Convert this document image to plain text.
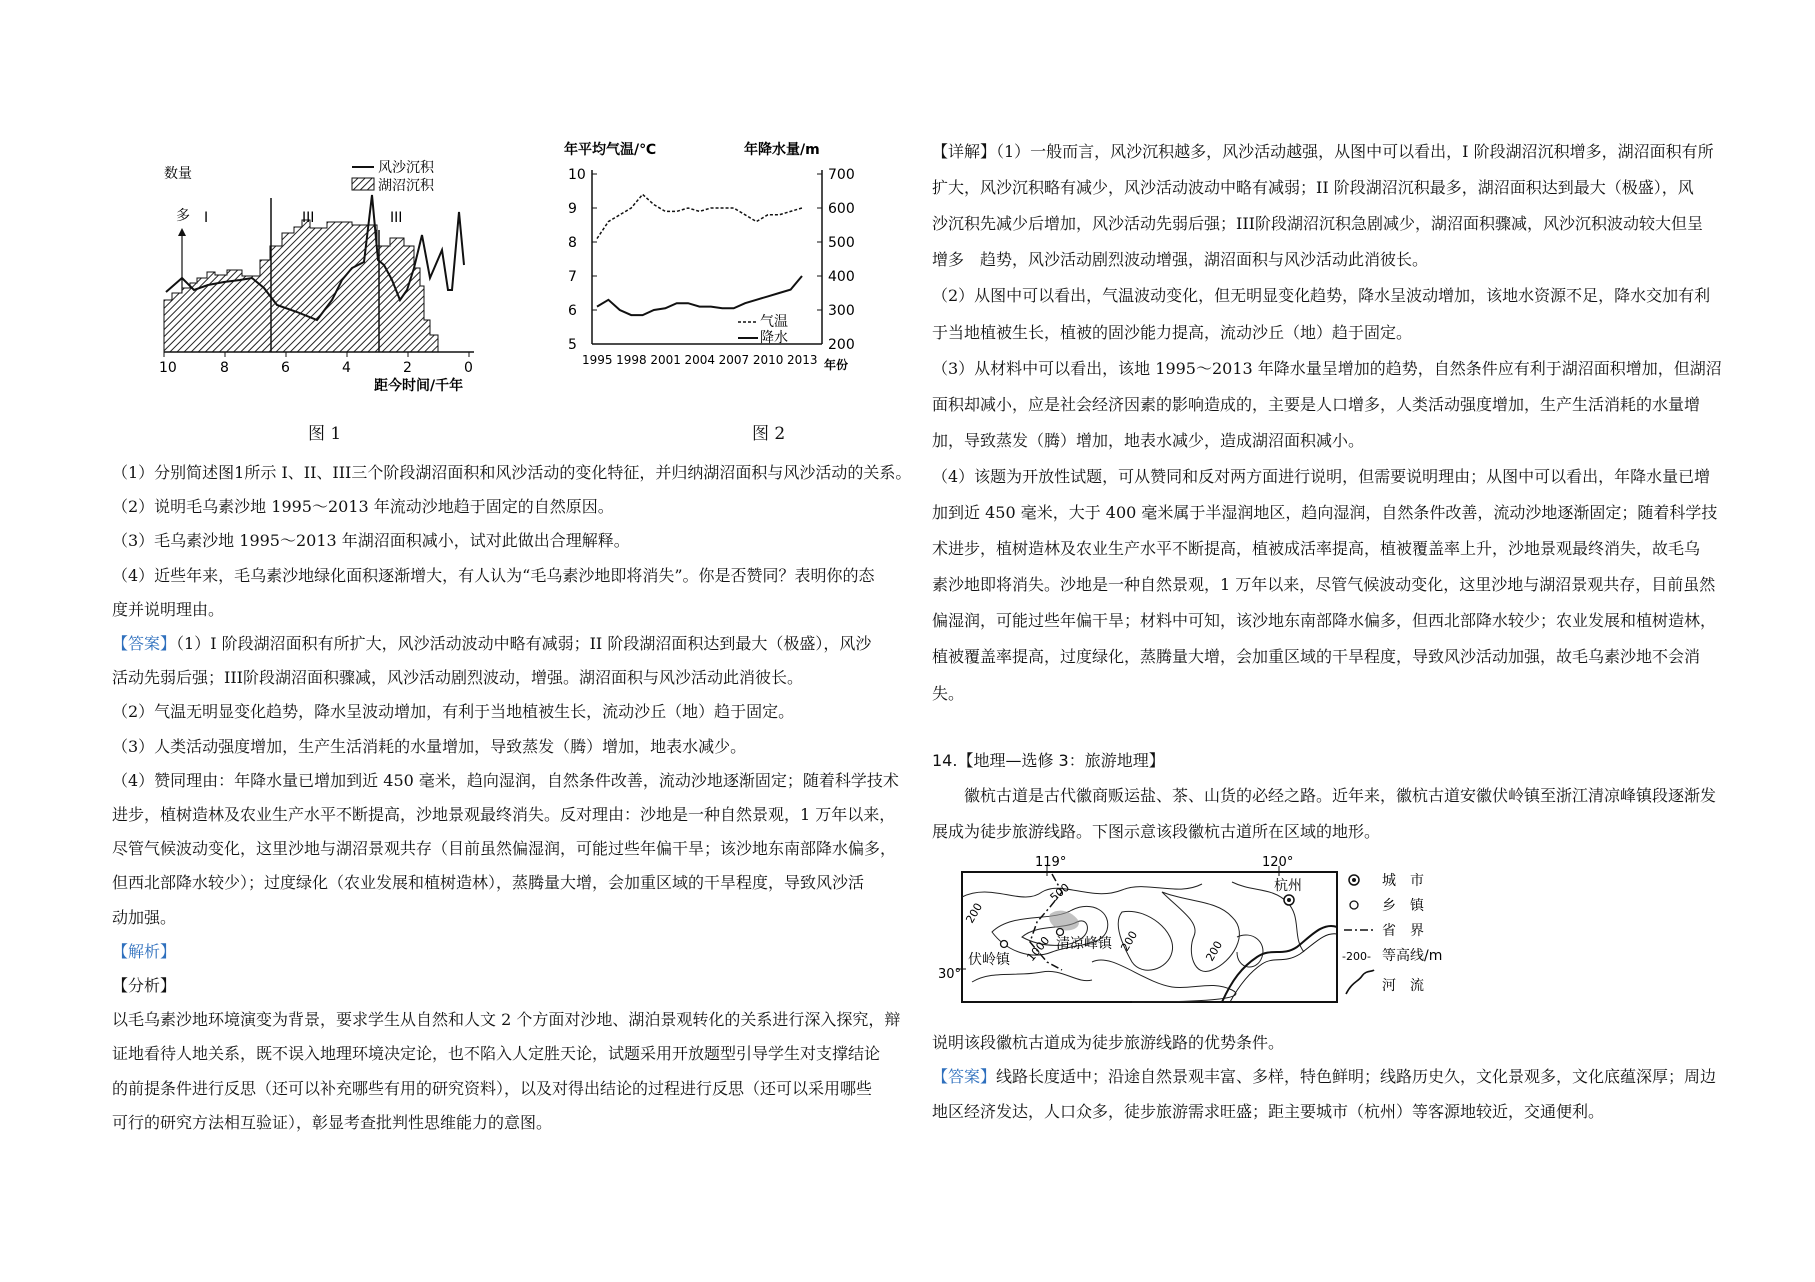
数量
多
风沙沉积
湖沼沉积
I	III	III
10	8	6	4	2	0
距今时间/千年
图 1
年平均气温/℃	年降水量/m
10
9
8
7
6
5
700
600
500
400
300
200
1995 1998 2001 2004 2007 2010 2013
气温
降水
年份
图 2
（1）分别简述图1所示 I、II、III三个阶段湖沼面积和风沙活动的变化特征，并归纳湖沼面积与风沙活动的关系。
（2）说明毛乌素沙地 1995～2013 年流动沙地趋于固定的自然原因。
（3）毛乌素沙地 1995～2013 年湖沼面积减小，试对此做出合理解释。
（4）近些年来，毛乌素沙地绿化面积逐渐增大，有人认为“毛乌素沙地即将消失”。你是否赞同？表明你的态
度并说明理由。
【答案】（1）I 阶段湖沼面积有所扩大，风沙活动波动中略有减弱；II 阶段湖沼面积达到最大（极盛），风沙
活动先弱后强；III阶段湖沼面积骤减，风沙活动剧烈波动，增强。湖沼面积与风沙活动此消彼长。
（2）气温无明显变化趋势，降水呈波动增加，有利于当地植被生长，流动沙丘（地）趋于固定。
（3）人类活动强度增加，生产生活消耗的水量增加，导致蒸发（腾）增加，地表水减少。
（4）赞同理由：年降水量已增加到近 450 毫米，趋向湿润，自然条件改善，流动沙地逐渐固定；随着科学技术
进步，植树造林及农业生产水平不断提高，沙地景观最终消失。反对理由：沙地是一种自然景观，1 万年以来，
尽管气候波动变化，这里沙地与湖沼景观共存（目前虽然偏湿润，可能过些年偏干旱；该沙地东南部降水偏多，
但西北部降水较少）；过度绿化（农业发展和植树造林），蒸腾量大增，会加重区域的干旱程度，导致风沙活
动加强。
【解析】
【分析】
以毛乌素沙地环境演变为背景，要求学生从自然和人文 2 个方面对沙地、湖泊景观转化的关系进行深入探究，辩
证地看待人地关系，既不误入地理环境决定论，也不陷入人定胜天论，试题采用开放题型引导学生对支撑结论
的前提条件进行反思（还可以补充哪些有用的研究资料），以及对得出结论的过程进行反思（还可以采用哪些
可行的研究方法相互验证），彰显考查批判性思维能力的意图。
【详解】（1）一般而言，风沙沉积越多，风沙活动越强，从图中可以看出，I 阶段湖沼沉积增多，湖沼面积有所
扩大，风沙沉积略有减少，风沙活动波动中略有减弱；II 阶段湖沼沉积最多，湖沼面积达到最大（极盛），风
沙沉积先减少后增加，风沙活动先弱后强；III阶段湖沼沉积急剧减少，湖沼面积骤减，风沙沉积波动较大但呈
增多　趋势，风沙活动剧烈波动增强，湖沼面积与风沙活动此消彼长。
（2）从图中可以看出，气温波动变化，但无明显变化趋势，降水呈波动增加，该地水资源不足，降水交加有利
于当地植被生长，植被的固沙能力提高，流动沙丘（地）趋于固定。
（3）从材料中可以看出，该地 1995～2013 年降水量呈增加的趋势，自然条件应有利于湖沼面积增加，但湖沼
面积却减小，应是社会经济因素的影响造成的，主要是人口增多，人类活动强度增加，生产生活消耗的水量增
加，导致蒸发（腾）增加，地表水减少，造成湖沼面积减小。
（4）该题为开放性试题，可从赞同和反对两方面进行说明，但需要说明理由；从图中可以看出，年降水量已增
加到近 450 毫米，大于 400 毫米属于半湿润地区，趋向湿润，自然条件改善，流动沙地逐渐固定；随着科学技
术进步，植树造林及农业生产水平不断提高，植被成活率提高，植被覆盖率上升，沙地景观最终消失，故毛乌
素沙地即将消失。沙地是一种自然景观，1 万年以来，尽管气候波动变化，这里沙地与湖沼景观共存，目前虽然
偏湿润，可能过些年偏干旱；材料中可知，该沙地东南部降水偏多，但西北部降水较少；农业发展和植树造林，
植被覆盖率提高，过度绿化，蒸腾量大增，会加重区域的干旱程度，导致风沙活动加强，故毛乌素沙地不会消
失。
14.【地理—选修 3：旅游地理】
徽杭古道是古代徽商贩运盐、茶、山货的必经之路。近年来，徽杭古道安徽伏岭镇至浙江清凉峰镇段逐渐发
展成为徒步旅游线路。下图示意该段徽杭古道所在区域的地形。
119°	120°
30°
200
500
1000	200	200
伏岭镇
清凉峰镇
杭州	城　市
乡　镇
省　界
-200- 等高线/m
河　流
说明该段徽杭古道成为徒步旅游线路的优势条件。
【答案】线路长度适中；沿途自然景观丰富、多样，特色鲜明；线路历史久，文化景观多，文化底蕴深厚；周边
地区经济发达，人口众多，徒步旅游需求旺盛；距主要城市（杭州）等客源地较近，交通便利。
